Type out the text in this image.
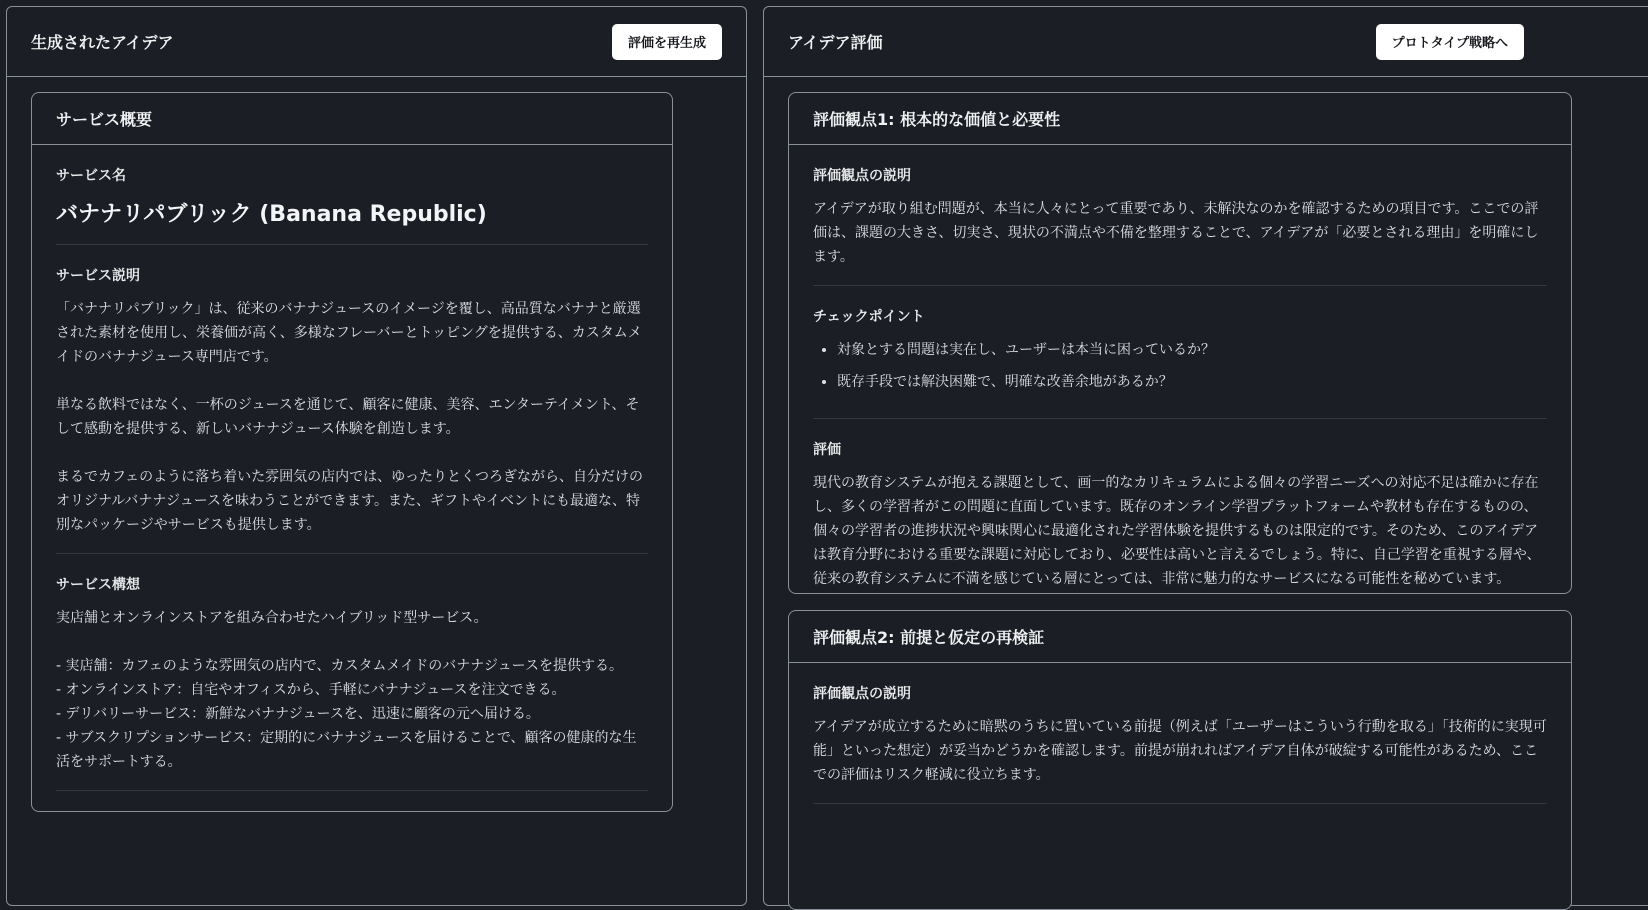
生成されたアイデア	評価を再生成
サービス概要
サービス名
バナナリパブリック (Banana Republic)
サービス説明
「バナナリパブリック」は、従来のバナナジュースのイメージを覆し、高品質なバナナと厳選された素材を使用し、栄養価が高く、多様なフレーバーとトッピングを提供する、カスタムメイドのバナナジュース専門店です。

単なる飲料ではなく、一杯のジュースを通じて、顧客に健康、美容、エンターテイメント、そして感動を提供する、新しいバナナジュース体験を創造します。

まるでカフェのように落ち着いた雰囲気の店内では、ゆったりとくつろぎながら、自分だけのオリジナルバナナジュースを味わうことができます。また、ギフトやイベントにも最適な、特別なパッケージやサービスも提供します。
サービス構想
実店舗とオンラインストアを組み合わせたハイブリッド型サービス。

- 実店舗：カフェのような雰囲気の店内で、カスタムメイドのバナナジュースを提供する。
- オンラインストア：自宅やオフィスから、手軽にバナナジュースを注文できる。
- デリバリーサービス：新鮮なバナナジュースを、迅速に顧客の元へ届ける。
- サブスクリプションサービス：定期的にバナナジュースを届けることで、顧客の健康的な生活をサポートする。
アイデア評価	プロトタイプ戦略へ
評価観点1: 根本的な価値と必要性
評価観点の説明
アイデアが取り組む問題が、本当に人々にとって重要であり、未解決なのかを確認するための項目です。ここでの評価は、課題の大きさ、切実さ、現状の不満点や不備を整理することで、アイデアが「必要とされる理由」を明確にします。
チェックポイント
• 対象とする問題は実在し、ユーザーは本当に困っているか？
• 既存手段では解決困難で、明確な改善余地があるか？
評価
現代の教育システムが抱える課題として、画一的なカリキュラムによる個々の学習ニーズへの対応不足は確かに存在し、多くの学習者がこの問題に直面しています。既存のオンライン学習プラットフォームや教材も存在するものの、個々の学習者の進捗状況や興味関心に最適化された学習体験を提供するものは限定的です。そのため、このアイデアは教育分野における重要な課題に対応しており、必要性は高いと言えるでしょう。特に、自己学習を重視する層や、従来の教育システムに不満を感じている層にとっては、非常に魅力的なサービスになる可能性を秘めています。
評価観点2: 前提と仮定の再検証
評価観点の説明
アイデアが成立するために暗黙のうちに置いている前提（例えば「ユーザーはこういう行動を取る」「技術的に実現可能」といった想定）が妥当かどうかを確認します。前提が崩れればアイデア自体が破綻する可能性があるため、ここでの評価はリスク軽減に役立ちます。
